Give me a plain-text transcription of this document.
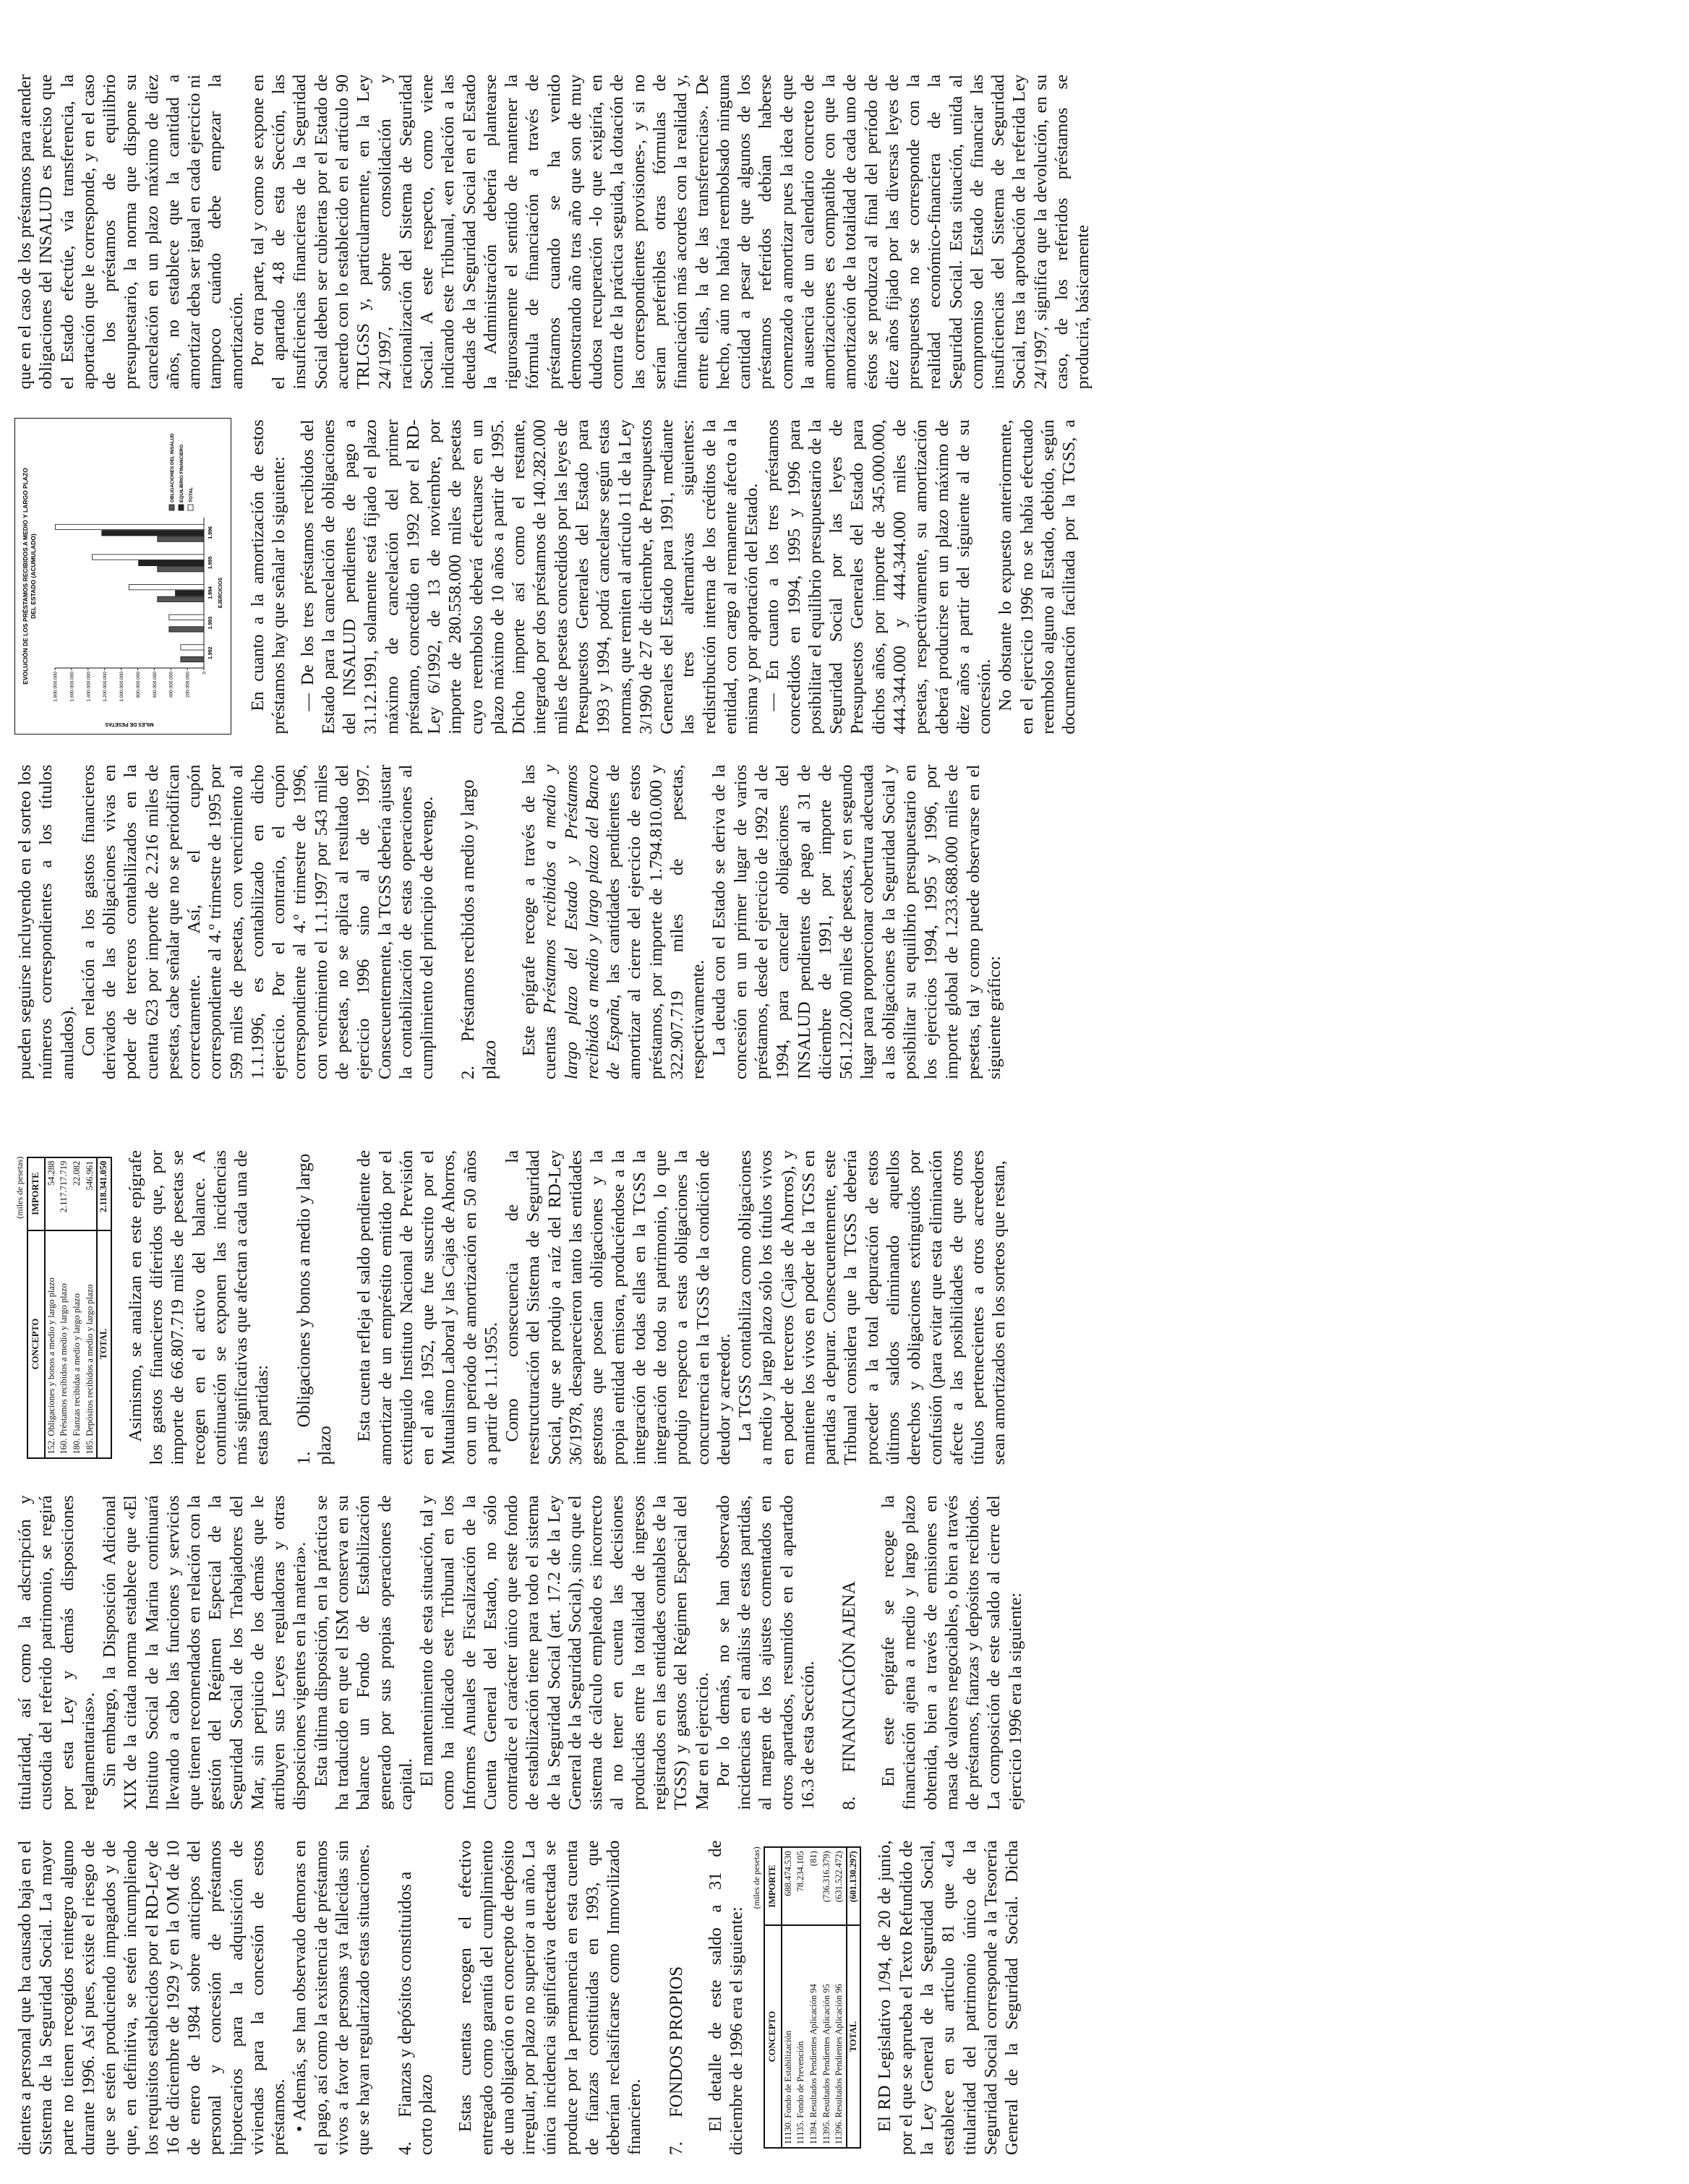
dientes a personal que ha causado baja en el Sistema de la Seguridad Social. La mayor parte no tienen recogidos reintegro alguno durante 1996. Así pues, existe el riesgo de que se estén produciendo impagados y de que, en definitiva, se estén incumpliendo los requisitos establecidos por el RD-Ley de 16 de diciembre de 1929 y en la OM de 10 de enero de 1984 sobre anticipos del personal y concesión de préstamos hipotecarios para la adquisición de viviendas para la concesión de estos préstamos. • Además, se han observado demoras en el pago, así como la existencia de préstamos vivos a favor de personas ya fallecidas sin que se hayan regularizado estas situaciones. 4.Fianzas y depósitos constituidos a corto plazo Estas cuentas recogen el efectivo entregado como garantía del cumplimiento de una obligación o en concepto de depósito irregular, por plazo no superior a un año. La única incidencia significativa detectada se produce por la permanencia en esta cuenta de fianzas constituidas en 1993, que deberían reclasificarse como Inmovilizado financiero. 7.FONDOS PROPIOS El detalle de este saldo a 31 de diciembre de 1996 era el siguiente:

(miles de pesetas)
CONCEPTO	IMPORTE
11130. Fondo de Estabilización	688.474.530
11135. Fondo de Prevención	78.234.105
11394. Resultados Pendientes Aplicación 94	(81)
11395. Resultados Pendientes Aplicación 95	(736.316.379)
11396. Resultados Pendientes Aplicación 96	(631.522.472)
TOTAL	(601.130.297) El RD Legislativo 1/94, de 20 de junio, por el que se aprueba el Texto Refundido de la Ley General de la Seguridad Social, establece en su artículo 81 que «La titularidad del patrimonio único de la Seguridad Social corresponde a la Tesorería General de la Seguridad Social. Dicha titularidad, así como la adscripción y custodia del referido patrimonio, se regirá por esta Ley y demás disposiciones reglamentarias». Sin embargo, la Disposición Adicional XIX de la citada norma establece que «El Instituto Social de la Marina continuará llevando a cabo las funciones y servicios que tienen recomendados en relación con la gestión del Régimen Especial de la Seguridad Social de los Trabajadores del Mar, sin perjuicio de los demás que le atribuyen sus Leyes reguladoras y otras disposiciones vigentes en la materia». Esta última disposición, en la práctica se ha traducido en que el ISM conserva en su balance un Fondo de Estabilización generado por sus propias operaciones de capital. El mantenimiento de esta situación, tal y como ha indicado este Tribunal en los Informes Anuales de Fiscalización de la Cuenta General del Estado, no sólo contradice el carácter único que este fondo de estabilización tiene para todo el sistema de la Seguridad Social (art. 17.2 de la Ley General de la Seguridad Social), sino que el sistema de cálculo empleado es incorrecto al no tener en cuenta las decisiones producidas entre la totalidad de ingresos registrados en las entidades contables de la TGSS) y gastos del Régimen Especial del Mar en el ejercicio. Por lo demás, no se han observado incidencias en el análisis de estas partidas, al margen de los ajustes comentados en otros apartados, resumidos en el apartado 16.3 de esta Sección. 8.FINANCIACIÓN AJENA En este epígrafe se recoge la financiación ajena a medio y largo plazo obtenida, bien a través de emisiones en masa de valores negociables, o bien a través de préstamos, fianzas y depósitos recibidos. La composición de este saldo al cierre del ejercicio 1996 era la siguiente:

(miles de pesetas)
CONCEPTO	IMPORTE
152. Obligaciones y bonos a medio y largo plazo	54.288
160. Préstamos recibidos a medio y largo plazo	2.117.717.719
180. Fianzas recibidas a medio y largo plazo	22.082
185. Depósitos recibidos a medio y largo plazo	546.961
TOTAL	2.118.341.050 Asimismo, se analizan en este epígrafe los gastos financieros diferidos que, por importe de 66.807.719 miles de pesetas se recogen en el activo del balance. A continuación se exponen las incidencias más significativas que afectan a cada una de estas partidas: 1.Obligaciones y bonos a medio y largo plazo

Esta cuenta refleja el saldo pendiente de amortizar de un empréstito emitido por el extinguido Instituto Nacional de Previsión en el año 1952, que fue suscrito por el Mutualismo Laboral y las Cajas de Ahorros, con un período de amortización en 50 años a partir de 1.1.1955. Como consecuencia de la reestructuración del Sistema de Seguridad Social, que se produjo a raíz del RD-Ley 36/1978, desaparecieron tanto las entidades gestoras que poseían obligaciones y la propia entidad emisora, produciéndose a la integración de todas ellas en la TGSS la integración de todo su patrimonio, lo que produjo respecto a estas obligaciones la concurrencia en la TGSS de la condición de deudor y acreedor. La TGSS contabiliza como obligaciones a medio y largo plazo sólo los títulos vivos en poder de terceros (Cajas de Ahorros), y mantiene los vivos en poder de la TGSS en partidas a depurar. Consecuentemente, este Tribunal considera que la TGSS debería proceder a la total depuración de estos últimos saldos eliminando aquellos derechos y obligaciones extinguidos por confusión (para evitar que esta eliminación afecte a las posibilidades de que otros títulos pertenecientes a otros acreedores sean amortizados en los sorteos que restan,

pueden seguirse incluyendo en el sorteo los números correspondientes a los títulos anulados). Con relación a los gastos financieros derivados de las obligaciones vivas en poder de terceros contabilizados en la cuenta 623 por importe de 2.216 miles de pesetas, cabe señalar que no se periodifican correctamente. Así, el cupón correspondiente al 4.º trimestre de 1995 por 599 miles de pesetas, con vencimiento al 1.1.1996, es contabilizado en dicho ejercicio. Por el contrario, el cupón correspondiente al 4.º trimestre de 1996, con vencimiento el 1.1.1997 por 543 miles de pesetas, no se aplica al resultado del ejercicio 1996 sino al de 1997. Consecuentemente, la TGSS debería ajustar la contabilización de estas operaciones al cumplimiento del principio de devengo. 2.Préstamos recibidos a medio y largo plazo

Este epígrafe recoge a través de las cuentas Préstamos recibidos a medio y largo plazo del Estado y Préstamos recibidos a medio y largo plazo del Banco de España, las cantidades pendientes de amortizar al cierre del ejercicio de estos préstamos, por importe de 1.794.810.000 y 322.907.719 miles de pesetas, respectivamente. La deuda con el Estado se deriva de la concesión en un primer lugar de varios préstamos, desde el ejercicio de 1992 al de 1994, para cancelar obligaciones del INSALUD pendientes de pago al 31 de diciembre de 1991, por importe de 561.122.000 miles de pesetas, y en segundo lugar para proporcionar cobertura adecuada a las obligaciones de la Seguridad Social y posibilitar su equilibrio presupuestario en los ejercicios 1994, 1995 y 1996, por importe global de 1.233.688.000 miles de pesetas, tal y como puede observarse en el siguiente gráfico:

EVOLUCIÓN DE LOS PRÉSTAMOS RECIBIDOS A MEDIO Y LARGO PLAZO DEL ESTADO (ACUMULADO)
0
200.000.000
400.000.000
600.000.000
800.000.000
1.000.000.000
1.200.000.000
1.400.000.000
1.600.000.000
1.800.000.000
MILES DE PESETAS
1.992
1.993
1.994
1.995
1.996
EJERCICIOS
OBLIGACIONES DEL INSALUD EQUILIBRIO FINANCIERO TOTAL	En cuanto a la amortización de estos préstamos hay que señalar lo siguiente: — De los tres préstamos recibidos del Estado para la cancelación de obligaciones del INSALUD pendientes de pago a 31.12.1991, solamente está fijado el plazo máximo de cancelación del primer préstamo, concedido en 1992 por el RD-Ley 6/1992, de 13 de noviembre, por importe de 280.558.000 miles de pesetas cuyo reembolso deberá efectuarse en un plazo máximo de 10 años a partir de 1995. Dicho importe así como el restante, integrado por dos préstamos de 140.282.000 miles de pesetas concedidos por las leyes de Presupuestos Generales del Estado para 1993 y 1994, podrá cancelarse según estas normas, que remiten al artículo 11 de la Ley 3/1990 de 27 de diciembre, de Presupuestos Generales del Estado para 1991, mediante las tres alternativas siguientes: redistribución interna de los créditos de la entidad, con cargo al remanente afecto a la misma y por aportación del Estado. — En cuanto a los tres préstamos concedidos en 1994, 1995 y 1996 para posibilitar el equilibrio presupuestario de la Seguridad Social por las leyes de Presupuestos Generales del Estado para dichos años, por importe de 345.000.000, 444.344.000 y 444.344.000 miles de pesetas, respectivamente, su amortización deberá producirse en un plazo máximo de diez años a partir del siguiente al de su concesión. No obstante lo expuesto anteriormente, en el ejercicio 1996 no se había efectuado reembolso alguno al Estado, debido, según documentación facilitada por la TGSS, a que en el caso de los préstamos para atender obligaciones del INSALUD es preciso que el Estado efectúe, vía transferencia, la aportación que le corresponde, y en el caso de los préstamos de equilibrio presupuestario, la norma que dispone su cancelación en un plazo máximo de diez años, no establece que la cantidad a amortizar deba ser igual en cada ejercicio ni tampoco cuándo debe empezar la amortización. Por otra parte, tal y como se expone en el apartado 4.8 de esta Sección, las insuficiencias financieras de la Seguridad Social deben ser cubiertas por el Estado de acuerdo con lo establecido en el artículo 90 TRLGSS y, particularmente, en la Ley 24/1997, sobre consolidación y racionalización del Sistema de Seguridad Social. A este respecto, como viene indicando este Tribunal, «en relación a las deudas de la Seguridad Social en el Estado la Administración debería plantearse rigurosamente el sentido de mantener la fórmula de financiación a través de préstamos cuando se ha venido demostrando año tras año que son de muy dudosa recuperación -lo que exigiría, en contra de la práctica seguida, la dotación de las correspondientes provisiones-, y si no serían preferibles otras fórmulas de financiación más acordes con la realidad y, entre ellas, la de las transferencias». De hecho, aún no había reembolsado ninguna cantidad a pesar de que algunos de los préstamos referidos debían haberse comenzado a amortizar pues la idea de que la ausencia de un calendario concreto de amortizaciones es compatible con que la amortización de la totalidad de cada uno de éstos se produzca al final del período de diez años fijado por las diversas leyes de presupuestos no se corresponde con la realidad económico-financiera de la Seguridad Social. Esta situación, unida al compromiso del Estado de financiar las insuficiencias del Sistema de Seguridad Social, tras la aprobación de la referida Ley 24/1997, significa que la devolución, en su caso, de los referidos préstamos se producirá, básicamente
